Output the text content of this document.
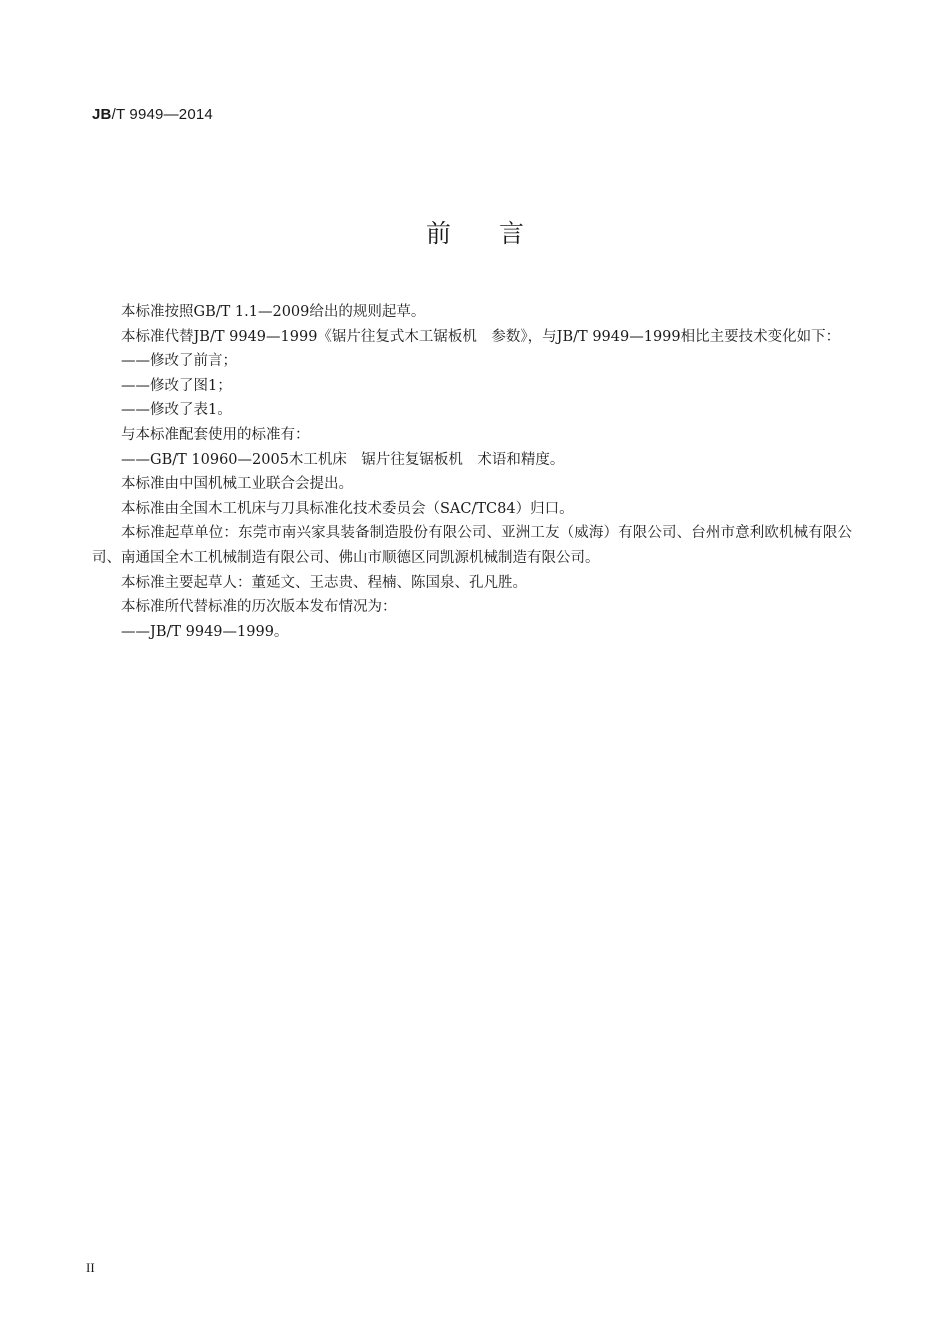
JB/T 9949—2014
前言

本标准按照GB/T 1.1—2009给出的规则起草。

本标准代替JB/T 9949—1999《锯片往复式木工锯板机　参数》，与JB/T 9949—1999相比主要技术变化如下：

——修改了前言；

——修改了图1；

——修改了表1。

与本标准配套使用的标准有：

——GB/T 10960—2005木工机床　锯片往复锯板机　术语和精度。

本标准由中国机械工业联合会提出。

本标准由全国木工机床与刀具标准化技术委员会（SAC/TC84）归口。

本标准起草单位：东莞市南兴家具装备制造股份有限公司、亚洲工友（威海）有限公司、台州市意利欧机械有限公司、南通国全木工机械制造有限公司、佛山市顺德区同凯源机械制造有限公司。

本标准主要起草人：董延文、王志贵、程楠、陈国泉、孔凡胜。

本标准所代替标准的历次版本发布情况为：

——JB/T 9949—1999。

II
